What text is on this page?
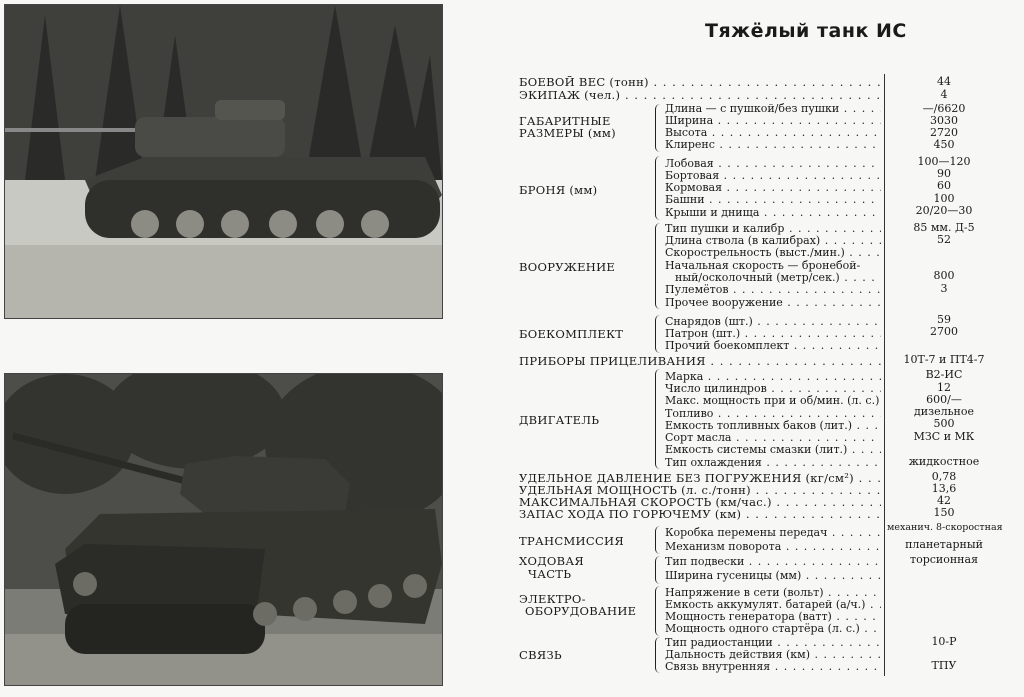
Тяжёлый танк ИС
БОЕВОЙ ВЕС (тонн) . . .	44
ЭКИПАЖ (чел.) . . .	4
ГАБАРИТНЫЕ
РАЗМЕРЫ (мм)
Длина — с пушкой/без пушки . . .	—/6620
Ширина . . .	3030
Высота . . .	2720
Клиренс . . .	450
БРОНЯ (мм)
Лобовая . . .	100—120
Бортовая . . .	90
Кормовая . . .	60
Башни . . .	100
Крыши и днища . . .	20/20—30
ВООРУЖЕНИЕ
Тип пушки и калибр . . .	85 мм. Д-5
Длина ствола (в калибрах) . . .	52
Скорострельность (выст./мин.) . . .
Начальная скорость — бронебой-
ный/осколочный (метр/сек.) . . .	800
Пулемётов . . .	3
Прочее вооружение . . .
БОЕКОМПЛЕКТ
Снарядов (шт.) . . .	59
Патрон (шт.) . . .	2700
Прочий боекомплект . . .
ПРИБОРЫ ПРИЦЕЛИВАНИЯ . . .	10Т-7 и ПТ4-7
ДВИГАТЕЛЬ
Марка . . .	В2-ИС
Число цилиндров . . .	12
Макс. мощность при и об/мин. (л. с.) . . .	600/—
Топливо . . .	дизельное
Ёмкость топливных баков (лит.) . . .	500
Сорт масла . . .	МЗС и МК
Ёмкость системы смазки (лит.) . . .
Тип охлаждения . . .	жидкостное
УДЕЛЬНОЕ ДАВЛЕНИЕ БЕЗ ПОГРУЖЕНИЯ (кг/см²) . . .	0,78
УДЕЛЬНАЯ МОЩНОСТЬ (л. с./тонн) . . .	13,6
МАКСИМАЛЬНАЯ СКОРОСТЬ (км/час.) . . .	42
ЗАПАС ХОДА ПО ГОРЮЧЕМУ (км) . . .	150
ТРАНСМИССИЯ
Коробка перемены передач . . .	механич. 8-скоростная
Механизм поворота . . .	планетарный
ХОДОВАЯ
ЧАСТЬ
Тип подвески . . .	торсионная
Ширина гусеницы (мм) . . .
ЭЛЕКТРО-
ОБОРУДОВАНИЕ
Напряжение в сети (вольт) . . .
Ёмкость аккумулят. батарей (а/ч.) . . .
Мощность генератора (ватт) . . .
Мощность одного стартёра (л. с.) . . .
СВЯЗЬ
Тип радиостанции . . .	10-Р
Дальность действия (км) . . .
Связь внутренняя . . .	ТПУ
